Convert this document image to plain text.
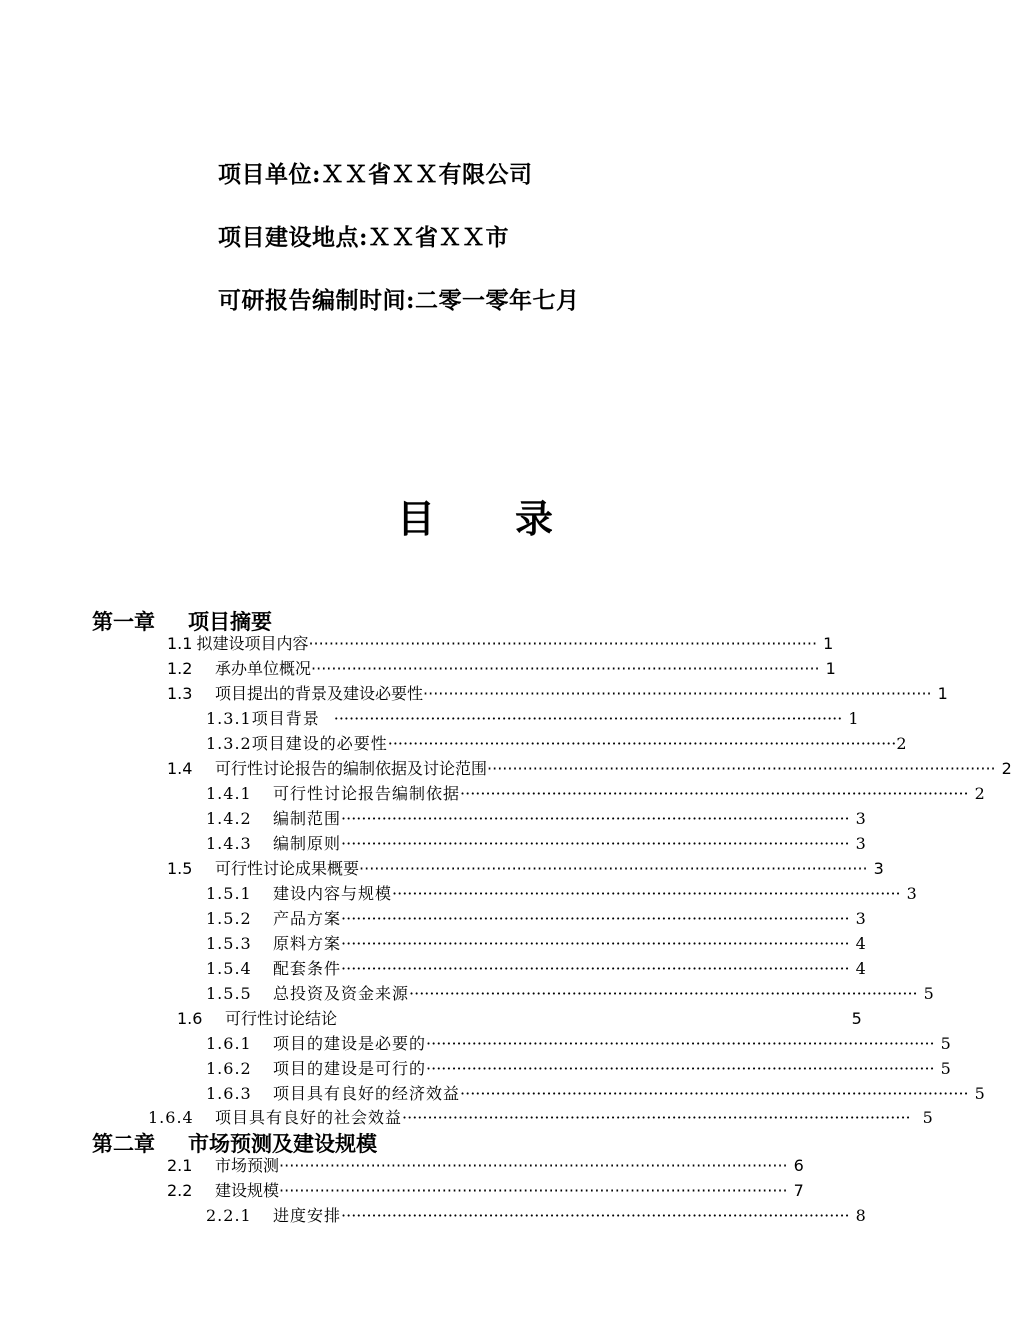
项目单位:ＸＸ省ＸＸ有限公司
项目建设地点:ＸＸ省ＸＸ市
可研报告编制时间:二零一零年七月
目 录
第一章 项目摘要
1.1 拟建设项目内容 ···································································································· 1
1.2 承办单位概况 ···································································································· 1
1.3 项目提出的背景及建设必要性 ···································································································· 1
1.3.1项目背景 ···································································································· 1
1.3.2项目建设的必要性 ···································································································· 2
1.4 可行性讨论报告的编制依据及讨论范围 ···································································································· 2
1.4.1 可行性讨论报告编制依据 ···································································································· 2
1.4.2 编制范围 ···································································································· 3
1.4.3 编制原则 ···································································································· 3
1.5 可行性讨论成果概要 ···································································································· 3
1.5.1 建设内容与规模 ···································································································· 3
1.5.2 产品方案 ···································································································· 3
1.5.3 原料方案 ···································································································· 4
1.5.4 配套条件 ···································································································· 4
1.5.5 总投资及资金来源 ···································································································· 5
1.6 可行性讨论结论 ···································································································· 5
1.6.1 项目的建设是必要的 ···································································································· 5
1.6.2 项目的建设是可行的 ···································································································· 5
1.6.3 项目具有良好的经济效益 ···································································································· 5
1.6.4 项目具有良好的社会效益 ···································································································· 5
第二章 市场预测及建设规模
2.1 市场预测 ···································································································· 6
2.2 建设规模 ···································································································· 7
2.2.1 进度安排 ···································································································· 8
